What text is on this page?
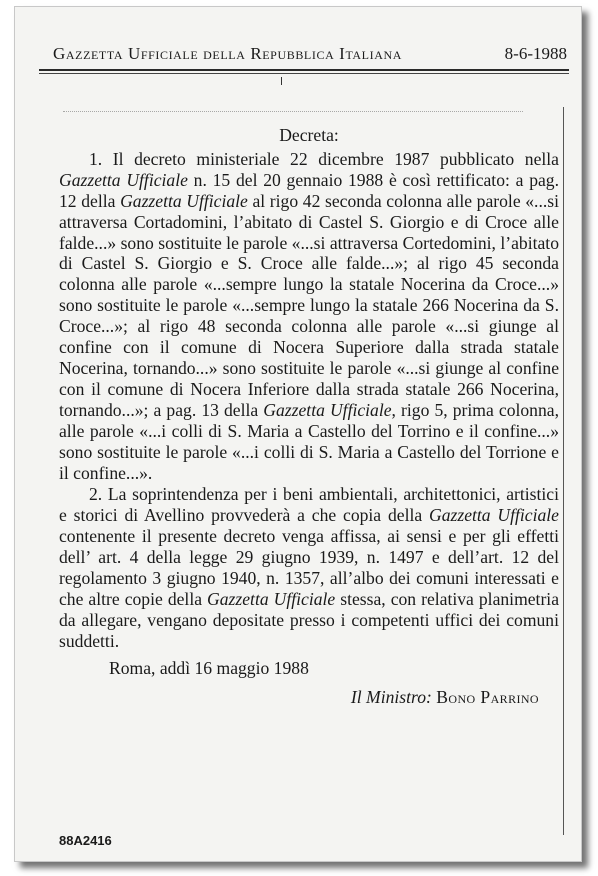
Gazzetta Ufficiale della Repubblica Italiana	8-6-1988

Decreta:

1. Il decreto ministeriale 22 dicembre 1987 pubblicato nella Gazzetta Ufficiale n. 15 del 20 gennaio 1988 è così rettificato: a pag. 12 della Gazzetta Ufficiale al rigo 42 seconda colonna alle parole «...si attraversa Cortadomini, l’abitato di Castel S. Giorgio e di Croce alle falde...» sono sostituite le parole «...si attraversa Cortedomini, l’abitato di Castel S. Giorgio e S. Croce alle falde...»; al rigo 45 seconda colonna alle parole «...sempre lungo la statale Nocerina da Croce...» sono sostituite le parole «...sempre lungo la statale 266 Nocerina da S. Croce...»; al rigo 48 seconda colonna alle parole «...si giunge al confine con il comune di Nocera Superiore dalla strada statale Nocerina, tornando...» sono sostituite le parole «...si giunge al confine con il comune di Nocera Inferiore dalla strada statale 266 Nocerina, tornando...»; a pag. 13 della Gazzetta Ufficiale, rigo 5, prima colonna, alle parole «...i colli di S. Maria a Castello del Torrino e il confine...» sono sostituite le parole «...i colli di S. Maria a Castello del Torrione e il confine...».

2. La soprintendenza per i beni ambientali, architettonici, artistici e storici di Avellino provvederà a che copia della Gazzetta Ufficiale contenente il presente decreto venga affissa, ai sensi e per gli effetti dell’ art. 4 della legge 29 giugno 1939, n. 1497 e dell’art. 12 del regolamento 3 giugno 1940, n. 1357, all’albo dei comuni interessati e che altre copie della Gazzetta Ufficiale stessa, con relativa planimetria da allegare, vengano depositate presso i competenti uffici dei comuni suddetti.

Roma, addì 16 maggio 1988

Il Ministro: Bono Parrino

88A2416
